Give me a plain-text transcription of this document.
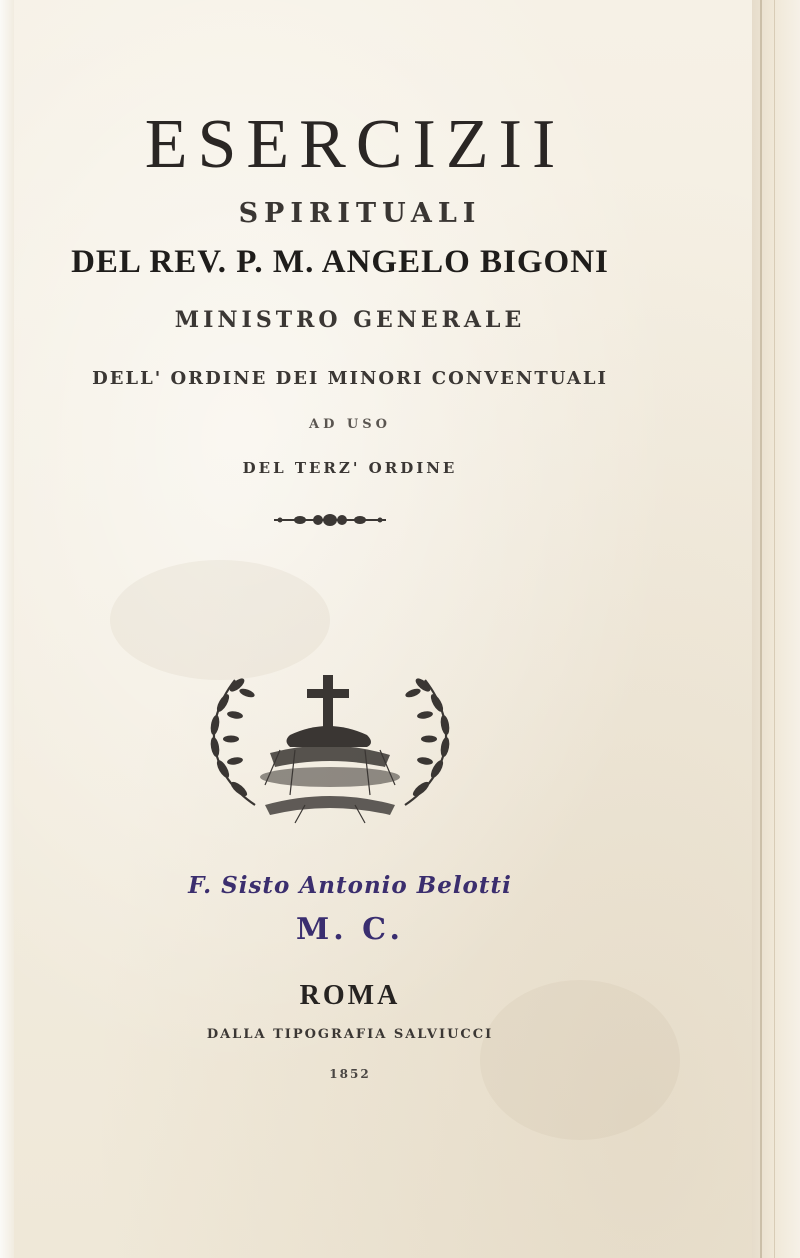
ESERCIZII
SPIRITUALI
DEL REV. P. M. ANGELO BIGONI
MINISTRO GENERALE
DELL' ORDINE DEI MINORI CONVENTUALI
AD USO
DEL TERZ' ORDINE
F. Sisto Antonio Belotti
M. C.
ROMA
DALLA TIPOGRAFIA SALVIUCCI
1852
